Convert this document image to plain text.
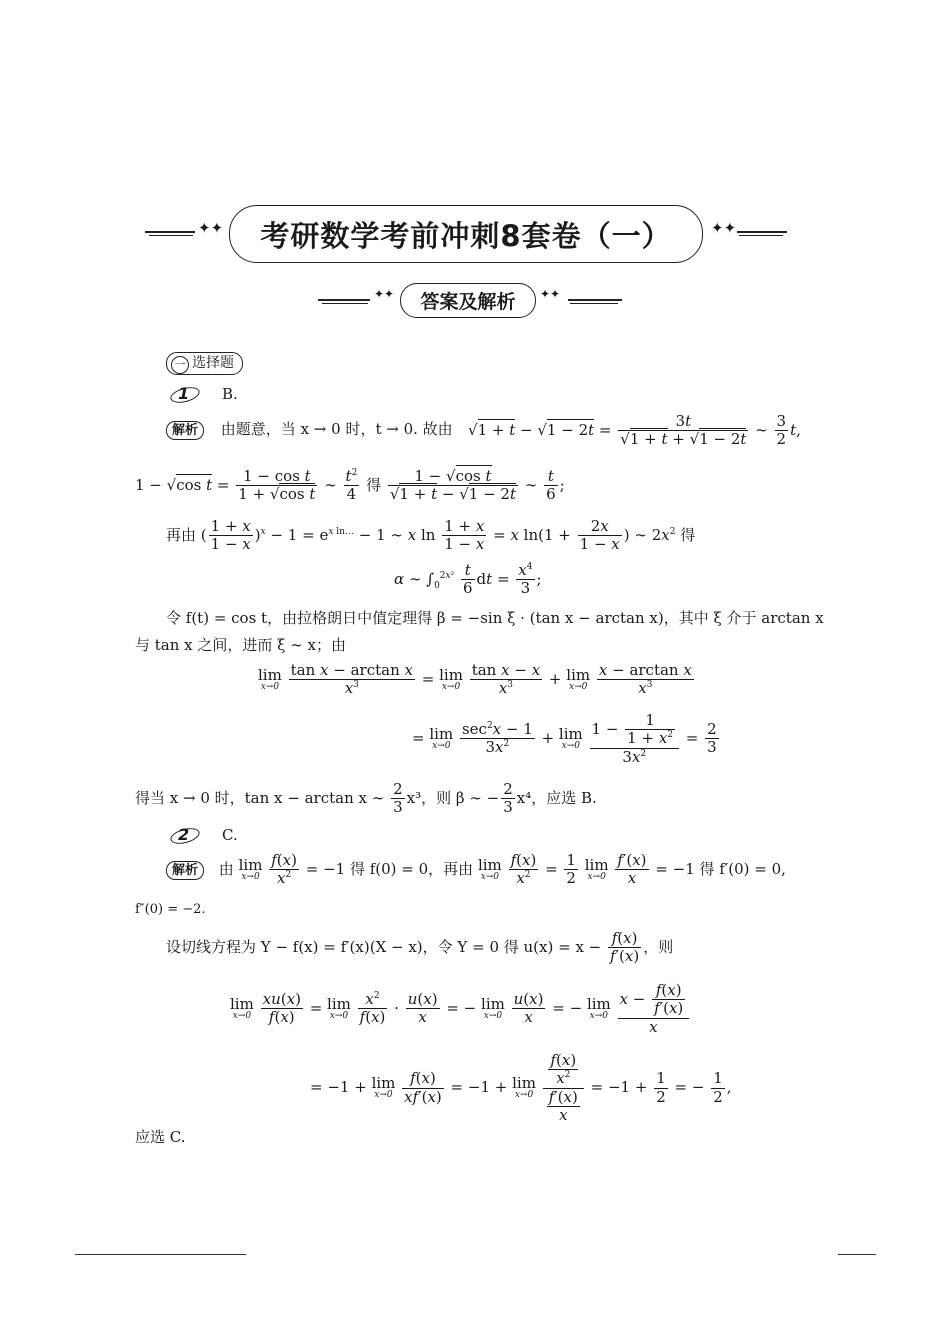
✦✦	考研数学考前冲刺8套卷（一）	✦✦
✦✦	答案及解析	✦✦
一 选择题
1	B.
解析 由题意，当 x → 0 时，t → 0. 故由 $√1 + t - √1 - 2t = \frac{3t}{√1 + t + √1 - 2t}$ ∼ $\frac{3}{2} t$,
1 − √cos $t = \frac{\text{1 − cos t}}{\text{1 + √cos t}}$ ∼ $\frac{t^2}{4}$ 得 $\frac{\text{1 − √cos t}}{√1 + t - √1 - 2t}$ ∼ $\frac{t}{6}$ ;
再由 ( $\frac{1 + x}{1 - x} )^x - 1 = e^{x ln\dots} - 1$ ∼ x $\ln \frac{1 + x}{1 - x} = x$ $\ln(1 + \frac{2x}{1 - x}$ ) ∼ $2x^2$ 得
α ∼ $\int_0^{2x^2} \frac{t}{6}$ dt = $\frac{x^4}{3}$ ;
令 f(t) = cos t，由拉格朗日中值定理得 β = −sin ξ · (tan x − arctan x)，其中 ξ 介于 arctan x
与 tan x 之间，进而 ξ ∼ x；由
lim
x→0
$\frac{\text{tan x − arctan x}}{x^3} = \lim$
x→0
$\frac{\text{tan x − x}}{x^3} + \lim$
x→0
$\frac{\text{x − arctan x}}{x^3}$
= lim
x→0

$\sec^2x - 1$
$3x^2$	+ lim
x→0
$\frac{1 - \frac{1}{1 + x^2}}{3x^2} = \frac{2}{3}$
得当 x → 0 时，tan x − arctan x ∼ $\frac{2}{3} x^3$，则 β ∼ − $\frac{2}{3} x^4$，应选 B.
2	C.
解析 由 lim
x→0
$\frac{f(x)}{x^2} = -1$ 得 f(0) = 0，再由 lim
x→0
$\frac{f(x)}{x^2} = \frac{1}{2}$ lim
x→0
$\frac{f'(x)}{x} = -1$ 得 f′(0) = 0,
f″(0) = −2.
设切线方程为 Y − f(x) = f′(x)(X − x)，令 Y = 0 得 $u(x) = x - \frac{f(x)}{f'(x)}$ ，则
lim
x→0
$\frac{xu(x)}{f(x)} = \lim$
x→0
$\frac{x^2}{f(x)} \cdot \frac{u(x)}{x}$ = − lim
x→0
$\frac{u(x)}{x}$ = − lim
x→0
$\frac{x - \frac{f(x)}{f'(x)}}{x}$
= −1 + lim
x→0
$\frac{f(x)}{xf'(x)} = -1 + \lim$
x→0
$\frac{\frac{f(x)}{x^2}}{\frac{f'(x)}{x}} = -1 + \frac{1}{2}$ = − $\frac{1}{2}$ ,
应选 C.
